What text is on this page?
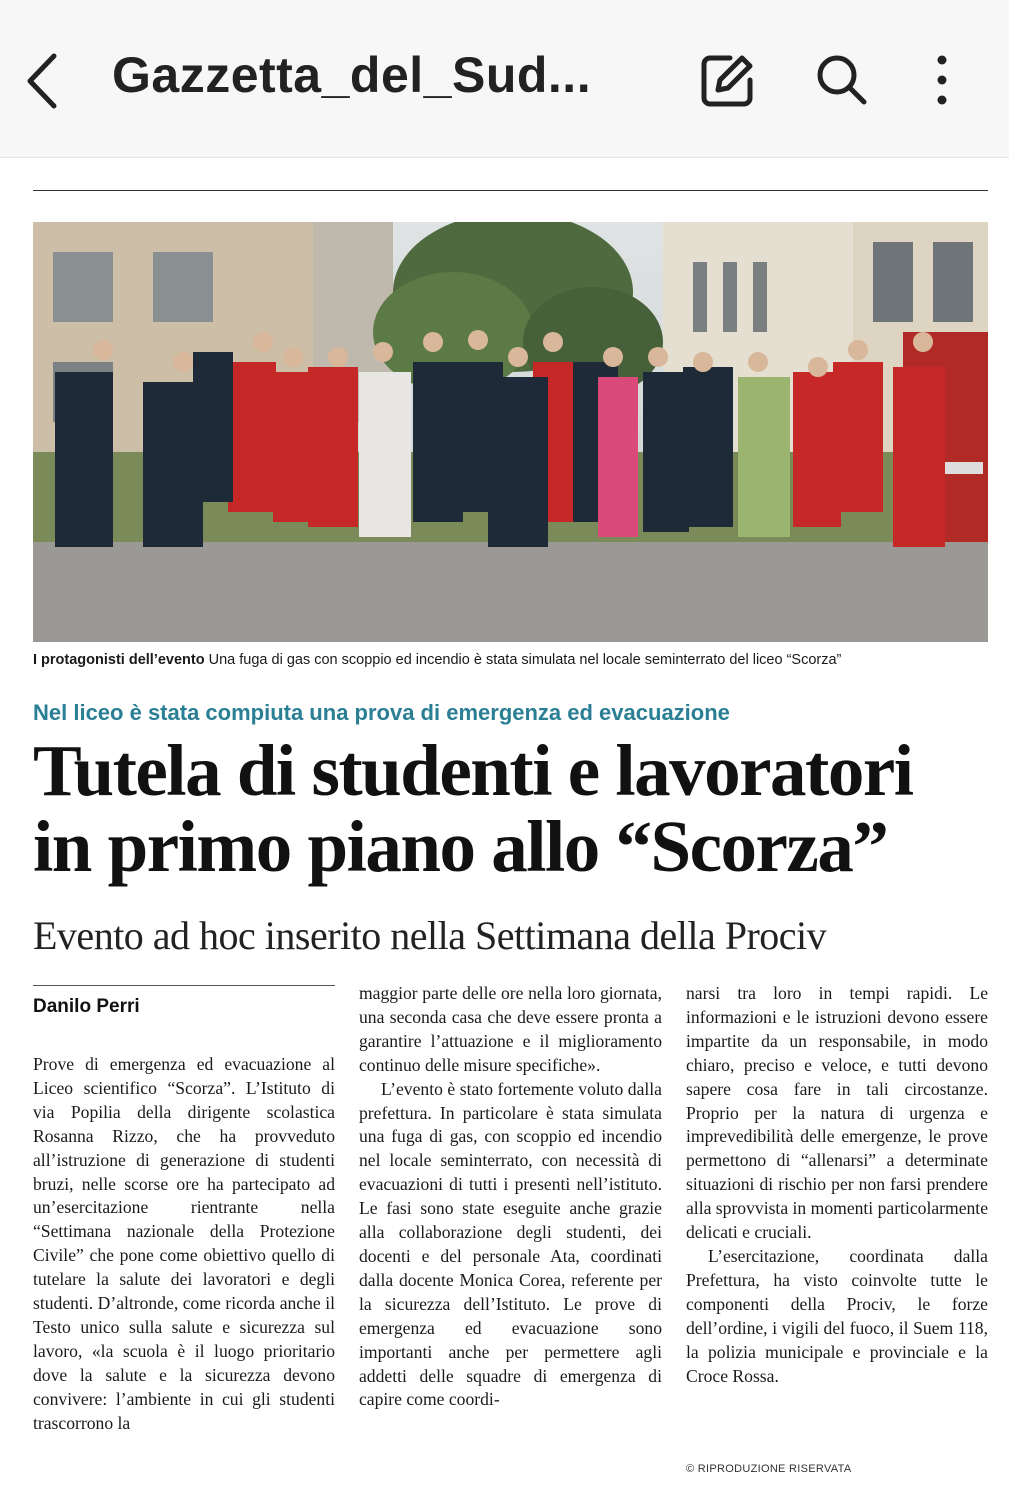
Gazzetta_del_Sud...
I protagonisti dell’evento Una fuga di gas con scoppio ed incendio è stata simulata nel locale seminterrato del liceo “Scorza”
Nel liceo è stata compiuta una prova di emergenza ed evacuazione
Tutela di studenti e lavoratori
in primo piano allo “Scorza”
Evento ad hoc inserito nella Settimana della Prociv
Danilo Perri

Prove di emergenza ed evacuazione al Liceo scientifico “Scorza”. L’Istituto di via Popilia della dirigente scolastica Rosanna Rizzo, che ha provveduto all’istruzione di generazione di studenti bruzi, nelle scorse ore ha partecipato ad un’esercitazione rientrante nella “Settimana nazionale della Protezione Civile” che pone come obiettivo quello di tutelare la salute dei lavoratori e degli studenti. D’altronde, come ricorda anche il Testo unico sulla salute e sicurezza sul lavoro, «la scuola è il luogo prioritario dove la salute e la sicurezza devono convivere: l’ambiente in cui gli studenti trascorrono la

maggior parte delle ore nella loro giornata, una seconda casa che deve essere pronta a garantire l’attuazione e il miglioramento continuo delle misure specifiche».

L’evento è stato fortemente voluto dalla prefettura. In particolare è stata simulata una fuga di gas, con scoppio ed incendio nel locale seminterrato, con necessità di evacuazioni di tutti i presenti nell’istituto. Le fasi sono state eseguite anche grazie alla collaborazione degli studenti, dei docenti e del personale Ata, coordinati dalla docente Monica Corea, referente per la sicurezza dell’Istituto. Le prove di emergenza ed evacuazione sono importanti anche per permettere agli addetti delle squadre di emergenza di capire come coordi-

narsi tra loro in tempi rapidi. Le informazioni e le istruzioni devono essere impartite da un responsabile, in modo chiaro, preciso e veloce, e tutti devono sapere cosa fare in tali circostanze. Proprio per la natura di urgenza e imprevedibilità delle emergenze, le prove permettono di “allenarsi” a determinate situazioni di rischio per non farsi prendere alla sprovvista in momenti particolarmente delicati e cruciali.

L’esercitazione, coordinata dalla Prefettura, ha visto coinvolte tutte le componenti della Prociv, le forze dell’ordine, i vigili del fuoco, il Suem 118, la polizia municipale e provinciale e la Croce Rossa.

© RIPRODUZIONE RISERVATA
